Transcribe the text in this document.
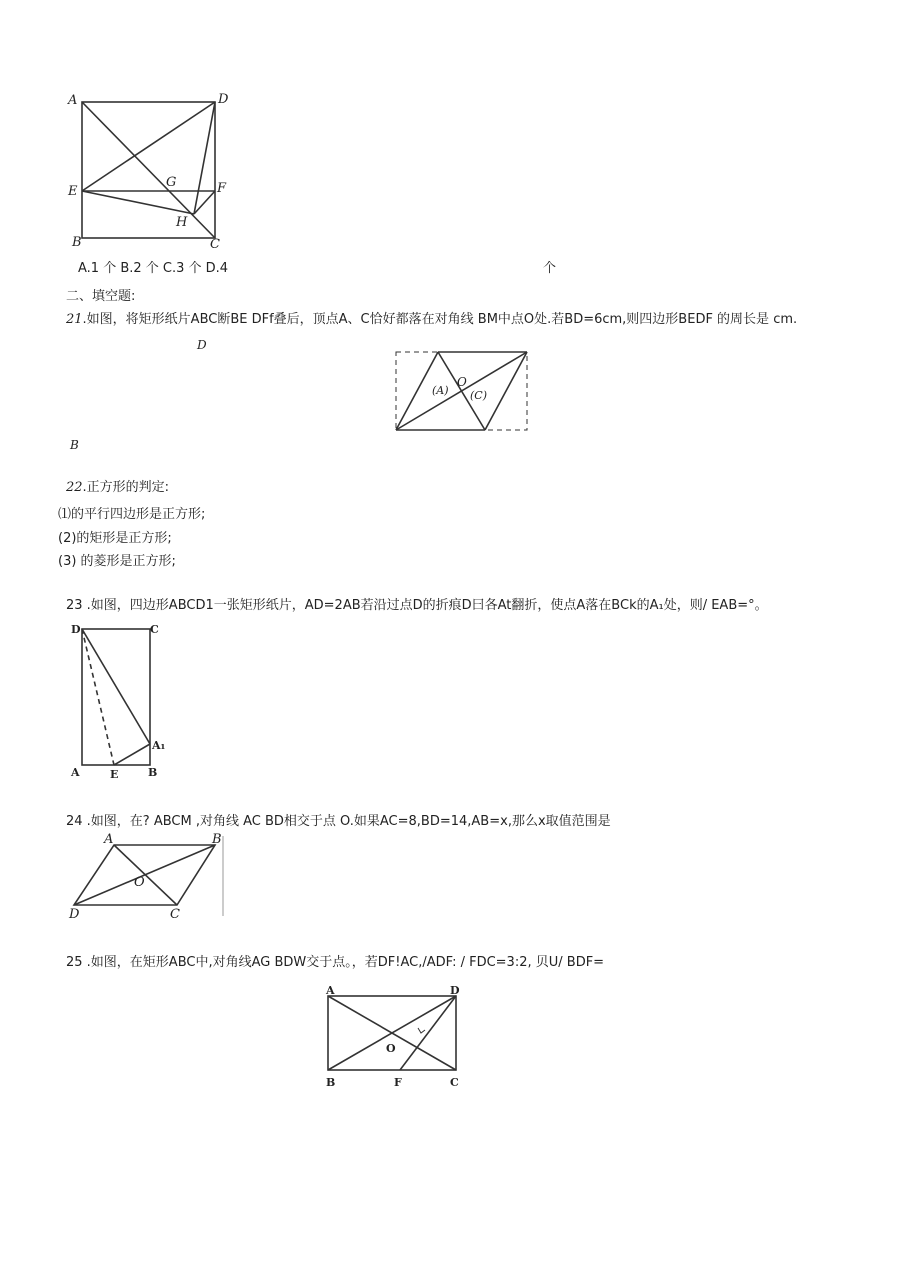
A	D
E
G	F
H
B	C
A.1 个 B.2 个 C.3 个 D.4	个
二、填空题:
21.如图，将矩形纸片ABC断BE DFf叠后，顶点A、C恰好都落在对角线 BM中点O处.若BD=6cm,则四边形BEDF 的周长是 cm.
D
B
O
(A) (C)
22.正方形的判定:
⑴的平行四边形是正方形;
(2)的矩形是正方形;
(3) 的菱形是正方形;
23 .如图，四边形ABCD1一张矩形纸片，AD=2AB若沿过点D的折痕D曰各At翻折，使点A落在BCk的A₁处，则/ EAB=°。
D	C
A₁
A	E	B
24 .如图，在? ABCM ,对角线 AC BD相交于点 O.如果AC=8,BD=14,AB=x,那么x取值范围是
A	B
O
D	C
25 .如图，在矩形ABC中,对角线AG BDW交于点。，若DF!AC,/ADF: / FDC=3:2, 贝U/ BDF=
A	D
O
B	F	C
